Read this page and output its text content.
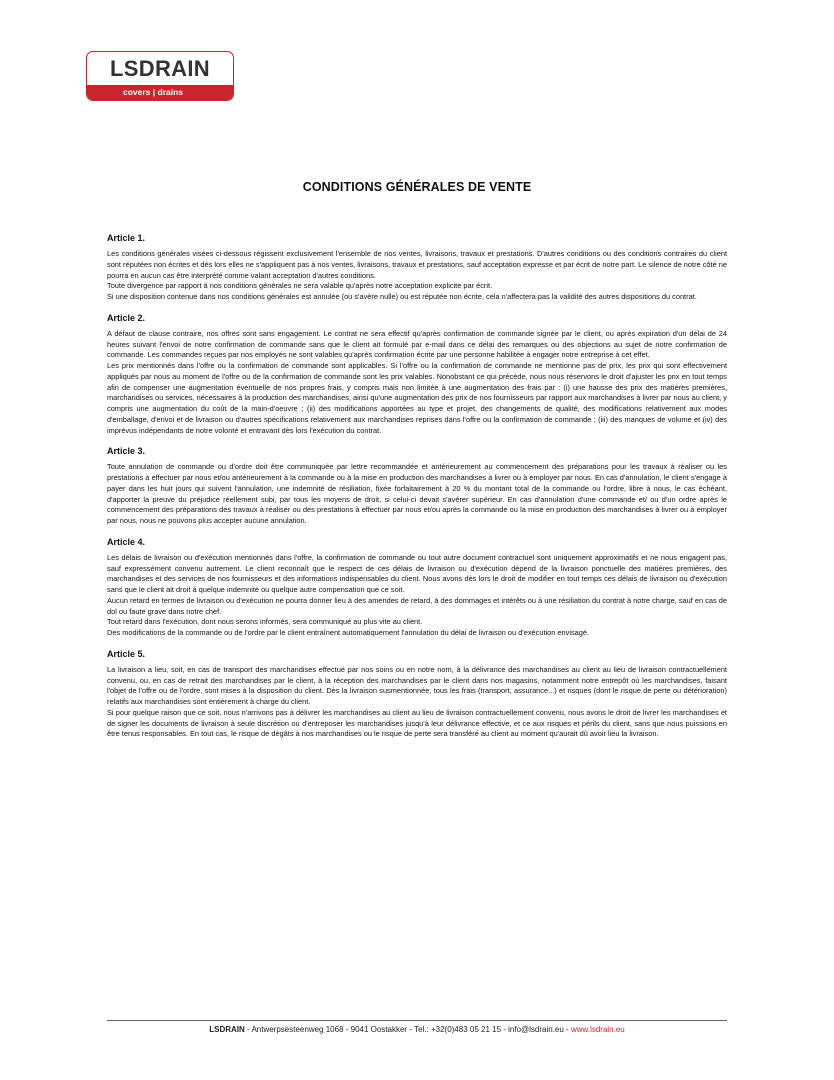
LSDRAIN
covers | drains
CONDITIONS GÉNÉRALES DE VENTE
Article 1.

Les conditions générales visées ci-dessous régissent exclusivement l'ensemble de nos ventes, livraisons, travaux et prestations. D'autres conditions ou des conditions contraires du client sont réputées non écrites et dès lors elles ne s'appliquent pas à nos ventes, livraisons, travaux et prestations, sauf acceptation expresse et par écrit de notre part. Le silence de notre côté ne pourra en aucun cas être interprété comme valant acceptation d'autres conditions.

Toute divergence par rapport à nos conditions générales ne sera valable qu'après notre acceptation explicite par écrit.

Si une disposition contenue dans nos conditions générales est annulée (ou s'avère nulle) ou est réputée non écrite, cela n'affectera pas la validité des autres dispositions du contrat.

Article 2.

A défaut de clause contraire, nos offres sont sans engagement. Le contrat ne sera effectif qu'après confirmation de commande signée par le client, ou après expiration d'un délai de 24 heures suivant l'envoi de notre confirmation de commande sans que le client ait formulé par e-mail dans ce délai des remarques ou des objections au sujet de notre confirmation de commande. Les commandes reçues par nos employés ne sont valables qu'après confirmation écrite par une personne habilitée à engager notre entreprise à cet effet.

Les prix mentionnés dans l'offre ou la confirmation de commande sont applicables. Si l'offre ou la confirmation de commande ne mentionne pas de prix, les prix qui sont effectivement appliqués par nous au moment de l'offre ou de la confirmation de commande sont les prix valables. Nonobstant ce qui précède, nous nous réservons le droit d'ajuster les prix en tout temps afin de compenser une augmentation éventuelle de nos propres frais, y compris mais non limitée à une augmentation des frais par : (i) une hausse des prix des matières premières, marchandises ou services, nécessaires à la production des marchandises, ainsi qu'une augmentation des prix de nos fournisseurs par rapport aux marchandises à livrer par nous au client, y compris une augmentation du coût de la main-d'oeuvre ; (ii) des modifications apportées au type et projet, des changements de qualité, des modifications relativement aux modes d'emballage, d'envoi et de livraison ou d'autres spécifications relativement aux marchandises reprises dans l'offre ou la confirmation de commande ; (iii) des manques de volume et (iv) des imprévus indépendants de notre volonté et entravant dès lors l'exécution du contrat.

Article 3.

Toute annulation de commande ou d'ordre doit être communiquée par lettre recommandée et antérieurement au commencement des préparations pour les travaux à réaliser ou les prestations à effectuer par nous et/ou antérieurement à la commande ou à la mise en production des marchandises à livrer ou à employer par nous. En cas d'annulation, le client s'engage à payer dans les huit jours qui suivent l'annulation, une indemnité de résiliation, fixée forfaitairement à 20 % du montant total de la commande ou l'ordre, libre à nous, le cas échéant, d'apporter la preuve du préjudice réellement subi, par tous les moyens de droit, si celui-ci devait s'avérer supérieur. En cas d'annulation d'une commande et/ ou d'un ordre après le commencement des préparations des travaux à réaliser ou des prestations à effectuer par nous et/ou après la commande ou la mise en production des marchandises à livrer ou à employer par nous, nous ne pouvons plus accepter aucune annulation.

Article 4.

Les délais de livraison ou d'exécution mentionnés dans l'offre, la confirmation de commande ou tout autre document contractuel sont uniquement approximatifs et ne nous engagent pas, sauf expressément convenu autrement. Le client reconnaît que le respect de ces délais de livraison ou d'exécution dépend de la livraison ponctuelle des matières premières, des marchandises et des services de nos fournisseurs et des informations indispensables du client. Nous avons dès lors le droit de modifier en tout temps ces délais de livraison ou d'exécution sans que le client ait droit à quelque indemnité ou quelque autre compensation que ce soit.

Aucun retard en termes de livraison ou d'exécution ne pourra donner lieu à des amendes de retard, à des dommages et intérêts ou à une résiliation du contrat à notre charge, sauf en cas de dol ou faute grave dans notre chef.

Tout retard dans l'exécution, dont nous serons informés, sera communiqué au plus vite au client.

Des modifications de la commande ou de l'ordre par le client entraînent automatiquement l'annulation du délai de livraison ou d'exécution envisagé.

Article 5.

La livraison a lieu, soit, en cas de transport des marchandises effectué par nos soins ou en notre nom, à la délivrance des marchandises au client au lieu de livraison contractuellement convenu, ou, en cas de retrait des marchandises par le client, à la réception des marchandises par le client dans nos magasins, notamment notre entrepôt où les marchandises, faisant l'objet de l'offre ou de l'ordre, sont mises à la disposition du client. Dès la livraison susmentionnée, tous les frais (transport, assurance...) et risques (dont le risque de perte ou détérioration) relatifs aux marchandises sont entièrement à charge du client.

Si pour quelque raison que ce soit, nous n'arrivons pas à délivrer les marchandises au client au lieu de livraison contractuellement convenu, nous avons le droit de livrer les marchandises et de signer les documents de livraison à seule discrétion ou d'entreposer les marchandises jusqu'à leur délivrance effective, et ce aux risques et périls du client, sans que nous puissions en être tenus responsables. En tout cas, le risque de dégâts à nos marchandises ou le risque de perte sera transféré au client au moment qu'aurait dû avoir lieu la livraison.

LSDRAIN - Antwerpsesteenweg 1068 - 9041 Oostakker - Tel.: +32(0)483 05 21 15 - info@lsdrain.eu - www.lsdrain.eu
